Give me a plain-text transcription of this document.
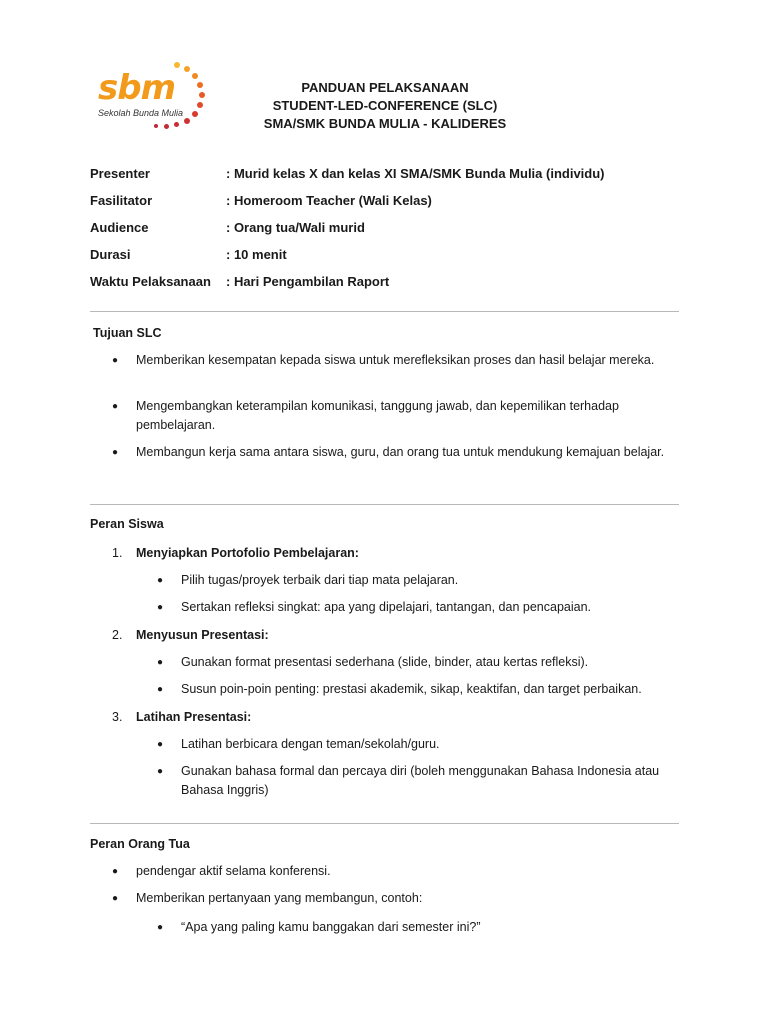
sbm
Sekolah Bunda Mulia
PANDUAN PELAKSANAAN
STUDENT-LED-CONFERENCE (SLC)
SMA/SMK BUNDA MULIA - KALIDERES
Presenter	: Murid kelas X dan kelas XI SMA/SMK Bunda Mulia (individu)
Fasilitator	: Homeroom Teacher (Wali Kelas)
Audience	: Orang tua/Wali murid
Durasi	: 10 menit
Waktu Pelaksanaan	: Hari Pengambilan Raport
Tujuan SLC
● Memberikan kesempatan kepada siswa untuk merefleksikan proses dan hasil belajar mereka.
● Mengembangkan keterampilan komunikasi, tanggung jawab, dan kepemilikan terhadap pembelajaran.
● Membangun kerja sama antara siswa, guru, dan orang tua untuk mendukung kemajuan belajar.
Peran Siswa
1. Menyiapkan Portofolio Pembelajaran:
● Pilih tugas/proyek terbaik dari tiap mata pelajaran.
● Sertakan refleksi singkat: apa yang dipelajari, tantangan, dan pencapaian.
2. Menyusun Presentasi:
● Gunakan format presentasi sederhana (slide, binder, atau kertas refleksi).
● Susun poin-poin penting: prestasi akademik, sikap, keaktifan, dan target perbaikan.
3. Latihan Presentasi:
● Latihan berbicara dengan teman/sekolah/guru.
● Gunakan bahasa formal dan percaya diri (boleh menggunakan Bahasa Indonesia atau Bahasa Inggris)
Peran Orang Tua
● pendengar aktif selama konferensi.
● Memberikan pertanyaan yang membangun, contoh:
● “Apa yang paling kamu banggakan dari semester ini?”
